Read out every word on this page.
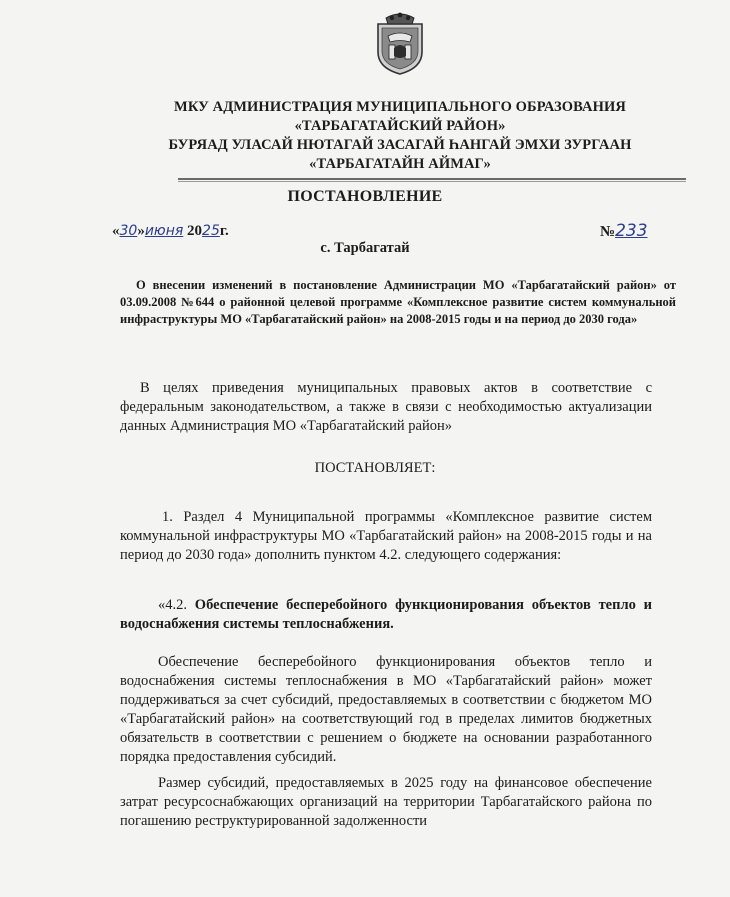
МКУ АДМИНИСТРАЦИЯ МУНИЦИПАЛЬНОГО ОБРАЗОВАНИЯ
«ТАРБАГАТАЙСКИЙ РАЙОН»
БУРЯАД УЛАСАЙ НЮТАГАЙ ЗАСАГАЙ ҺАНГАЙ ЭМХИ ЗУРГААН
«ТАРБАГАТАЙН АЙМАГ»
ПОСТАНОВЛЕНИЕ
«30»июня 2025г.	№233
с. Тарбагатай
О внесении изменений в постановление Администрации МО «Тарбагатайский район» от 03.09.2008 №644 о районной целевой программе «Комплексное развитие систем коммунальной инфраструктуры МО «Тарбагатайский район» на 2008-2015 годы и на период до 2030 года»
В целях приведения муниципальных правовых актов в соответствие с федеральным законодательством, а также в связи с необходимостью актуализации данных Администрация МО «Тарбагатайский район»
ПОСТАНОВЛЯЕТ:
1. Раздел 4 Муниципальной программы «Комплексное развитие систем коммунальной инфраструктуры МО «Тарбагатайский район» на 2008-2015 годы и на период до 2030 года» дополнить пунктом 4.2. следующего содержания:
«4.2. Обеспечение бесперебойного функционирования объектов тепло и водоснабжения системы теплоснабжения.
Обеспечение бесперебойного функционирования объектов тепло и водоснабжения системы теплоснабжения в МО «Тарбагатайский район» может поддерживаться за счет субсидий, предоставляемых в соответствии с бюджетом МО «Тарбагатайский район» на соответствующий год в пределах лимитов бюджетных обязательств в соответствии с решением о бюджете на основании разработанного порядка предоставления субсидий.
Размер субсидий, предоставляемых в 2025 году на финансовое обеспечение затрат ресурсоснабжающих организаций на территории Тарбагатайского района по погашению реструктурированной задолженности
